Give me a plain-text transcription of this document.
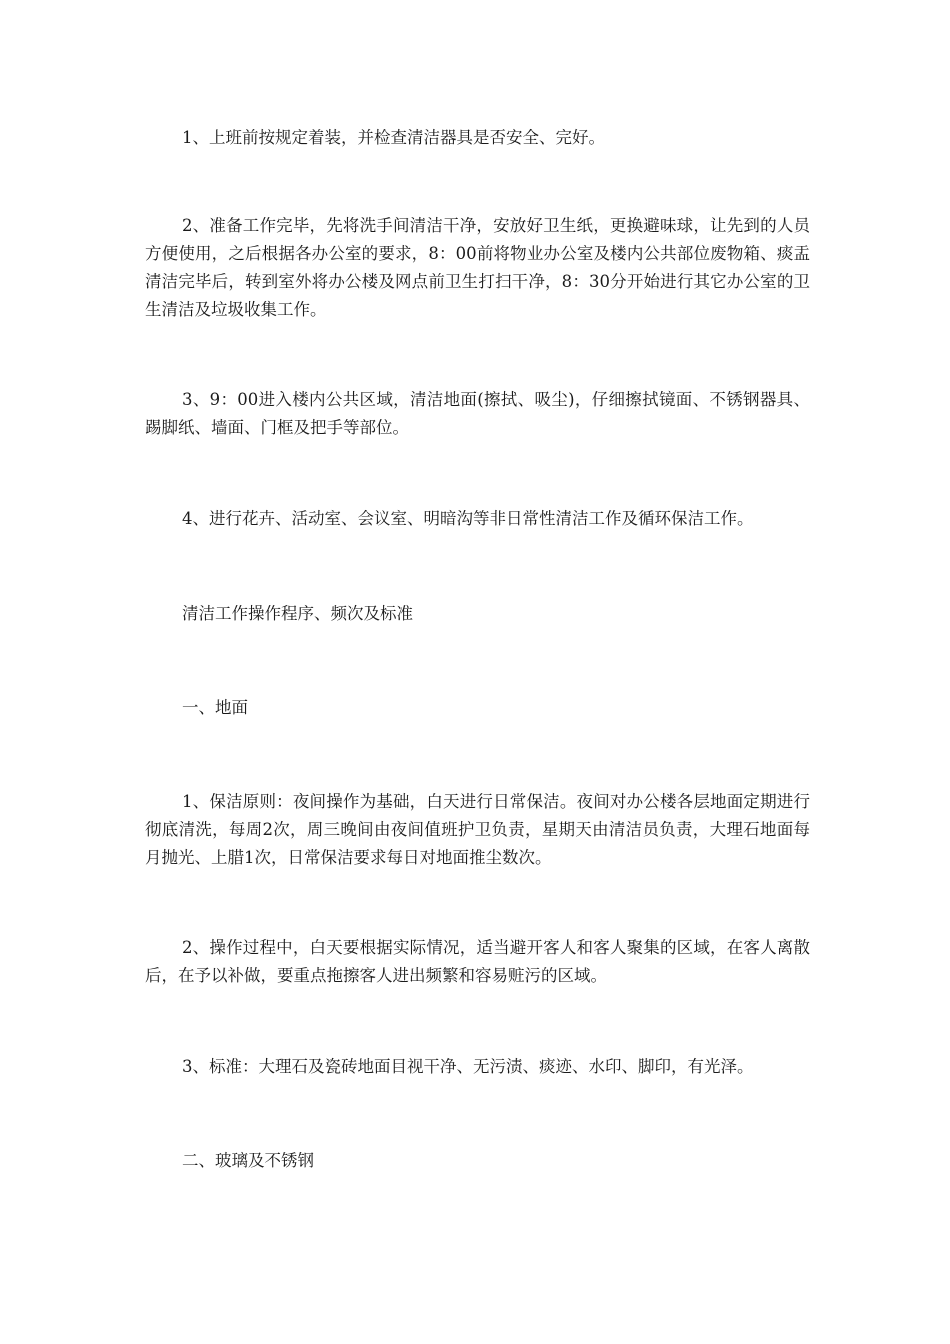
1、上班前按规定着装，并检查清洁器具是否安全、完好。

2、准备工作完毕，先将洗手间清洁干净，安放好卫生纸，更换避味球，让先到的人员方便使用，之后根据各办公室的要求，8：00前将物业办公室及楼内公共部位废物箱、痰盂清洁完毕后，转到室外将办公楼及网点前卫生打扫干净，8：30分开始进行其它办公室的卫生清洁及垃圾收集工作。

3、9：00进入楼内公共区域，清洁地面(擦拭、吸尘)，仔细擦拭镜面、不锈钢器具、踢脚纸、墙面、门框及把手等部位。

4、进行花卉、活动室、会议室、明暗沟等非日常性清洁工作及循环保洁工作。

清洁工作操作程序、频次及标准

一、地面

1、保洁原则：夜间操作为基础，白天进行日常保洁。夜间对办公楼各层地面定期进行彻底清洗，每周2次，周三晚间由夜间值班护卫负责，星期天由清洁员负责，大理石地面每月抛光、上腊1次，日常保洁要求每日对地面推尘数次。

2、操作过程中，白天要根据实际情况，适当避开客人和客人聚集的区域，在客人离散后，在予以补做，要重点拖擦客人进出频繁和容易赃污的区域。

3、标准：大理石及瓷砖地面目视干净、无污渍、痰迹、水印、脚印，有光泽。

二、玻璃及不锈钢
